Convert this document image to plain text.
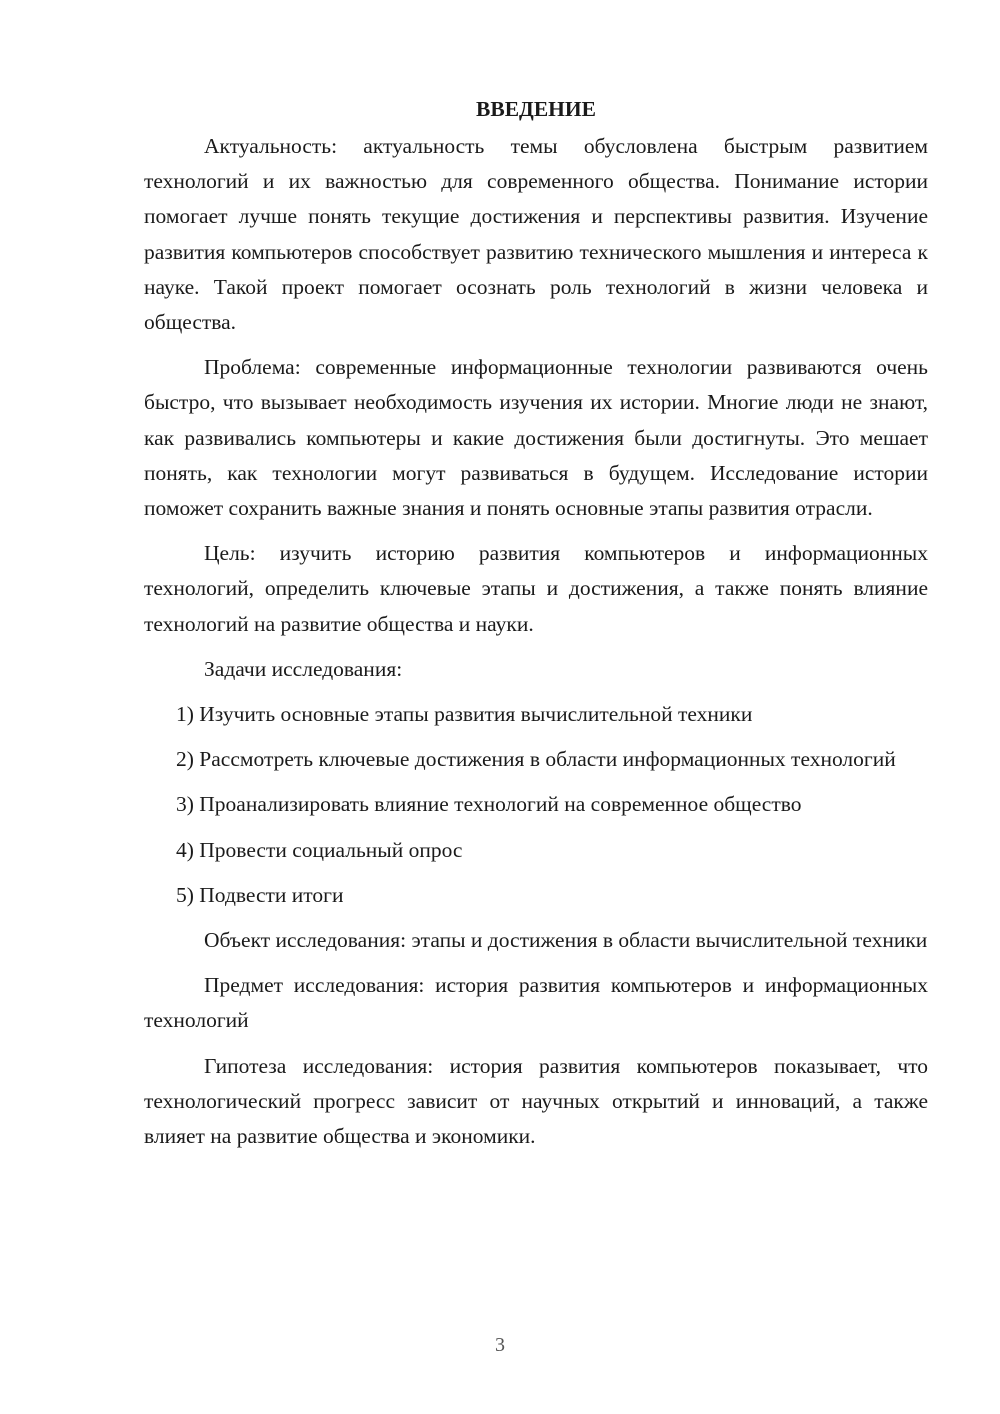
ВВЕДЕНИЕ

Актуальность: актуальность темы обусловлена быстрым развитием технологий и их важностью для современного общества. Понимание истории помогает лучше понять текущие достижения и перспективы развития. Изучение развития компьютеров способствует развитию технического мышления и интереса к науке. Такой проект помогает осознать роль технологий в жизни человека и общества.

Проблема: современные информационные технологии развиваются очень быстро, что вызывает необходимость изучения их истории. Многие люди не знают, как развивались компьютеры и какие достижения были достигнуты. Это мешает понять, как технологии могут развиваться в будущем. Исследование истории поможет сохранить важные знания и понять основные этапы развития отрасли.

Цель: изучить историю развития компьютеров и информационных технологий, определить ключевые этапы и достижения, а также понять влияние технологий на развитие общества и науки.

Задачи исследования:

1) Изучить основные этапы развития вычислительной техники

2) Рассмотреть ключевые достижения в области информационных технологий

3) Проанализировать влияние технологий на современное общество

4) Провести социальный опрос

5) Подвести итоги

Объект исследования: этапы и достижения в области вычислительной техники

Предмет исследования: история развития компьютеров и информационных технологий

Гипотеза исследования: история развития компьютеров показывает, что технологический прогресс зависит от научных открытий и инноваций, а также влияет на развитие общества и экономики.

3
